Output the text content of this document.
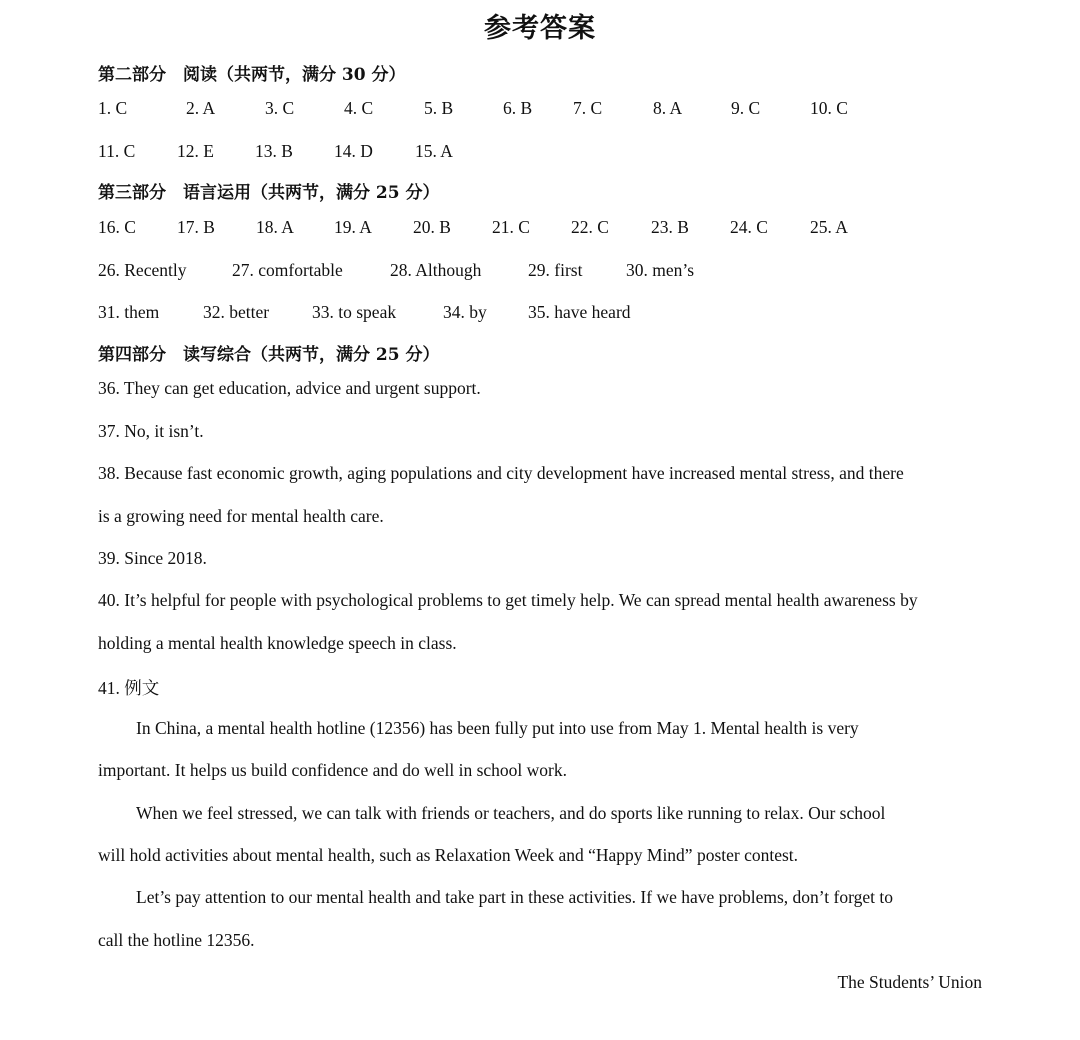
参考答案
第二部分　阅读（共两节，满分 30 分）
1. C	2. A	3. C	4. C	5. B	6. B 7. C	8. A	9. C	10. C
11. C 12. E 13. B 14. D 15. A
第三部分　语言运用（共两节，满分 25 分）
16. C 17. B 18. A 19. A 20. B 21. C 22. C 23. B 24. C 25. A
26. Recently	27. comfortable	28. Although	29. first 30. men’s
31. them	32. better 33. to speak	34. by 35. have heard
第四部分　读写综合（共两节，满分 25 分）
36. They can get education, advice and urgent support.
37. No, it isn’t.
38. Because fast economic growth, aging populations and city development have increased mental stress, and there
is a growing need for mental health care.
39. Since 2018.
40. It’s helpful for people with psychological problems to get timely help. We can spread mental health awareness by
holding a mental health knowledge speech in class.
41. 例文
In China, a mental health hotline (12356) has been fully put into use from May 1. Mental health is very
important. It helps us build confidence and do well in school work.
When we feel stressed, we can talk with friends or teachers, and do sports like running to relax. Our school
will hold activities about mental health, such as Relaxation Week and “Happy Mind” poster contest.
Let’s pay attention to our mental health and take part in these activities. If we have problems, don’t forget to
call the hotline 12356.
The Students’ Union
